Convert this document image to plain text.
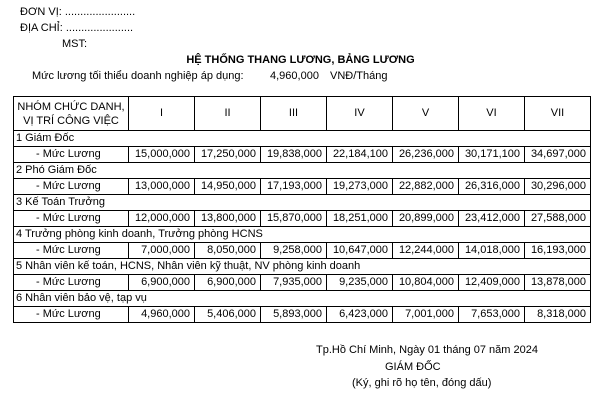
ĐƠN VỊ: .......................
ĐỊA CHỈ: ......................
MST:
HỆ THỐNG THANG LƯƠNG, BẢNG LƯƠNG
Mức lương tối thiểu doanh nghiệp áp dụng: 4,960,000 VNĐ/Tháng
NHÓM CHỨC DANH,
VỊ TRÍ CÔNG VIỆC	I	II	III	IV	V	VI	VII
1 Giám Đốc							
- Mức Lương	15,000,000	17,250,000	19,838,000	22,184,100	26,236,000	30,171,100	34,697,000
2 Phó Giám Đốc							
- Mức Lương	13,000,000	14,950,000	17,193,000	19,273,000	22,882,000	26,316,000	30,296,000
3 Kế Toán Trưởng							
- Mức Lương	12,000,000	13,800,000	15,870,000	18,251,000	20,899,000	23,412,000	27,588,000
4 Trưởng phòng kinh doanh, Trưởng phòng HCNS							
- Mức Lương	7,000,000	8,050,000	9,258,000	10,647,000	12,244,000	14,018,000	16,193,000
5 Nhân viên kế toán, HCNS, Nhân viên kỹ thuật, NV phòng kinh doanh							
- Mức Lương	6,900,000	6,900,000	7,935,000	9,235,000	10,804,000	12,409,000	13,878,000
6 Nhân viên bảo vệ, tạp vụ							
- Mức Lương	4,960,000	5,406,000	5,893,000	6,423,000	7,001,000	7,653,000	8,318,000
Tp.Hồ Chí Minh, Ngày 01 tháng 07 năm 2024
GIÁM ĐỐC
(Ký, ghi rõ họ tên, đóng dấu)
